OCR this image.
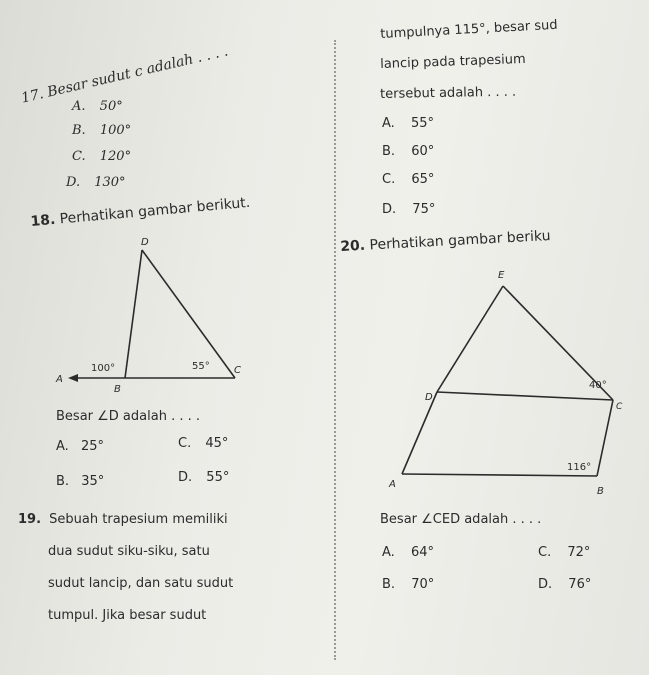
17. Besar sudut c adalah . . . .
A. 50°
B. 100°
C. 120°
D. 130°
18. Perhatikan gambar berikut.
D
A
B
C
100°	55°
Besar ∠D adalah . . . .
A. 25°	C. 45°
B. 35°	D. 55°
19. Sebuah trapesium memiliki
dua sudut siku-siku, satu
sudut lancip, dan satu sudut
tumpul. Jika besar sudut
tumpulnya 115°, besar sud
lancip pada trapesium
tersebut adalah . . . .
A. 55°
B. 60°
C. 65°
D. 75°
20. Perhatikan gambar beriku
E
D
A
B
C
40°
116°
Besar ∠CED adalah . . . .
A. 64°	C. 72°
B. 70°	D. 76°
